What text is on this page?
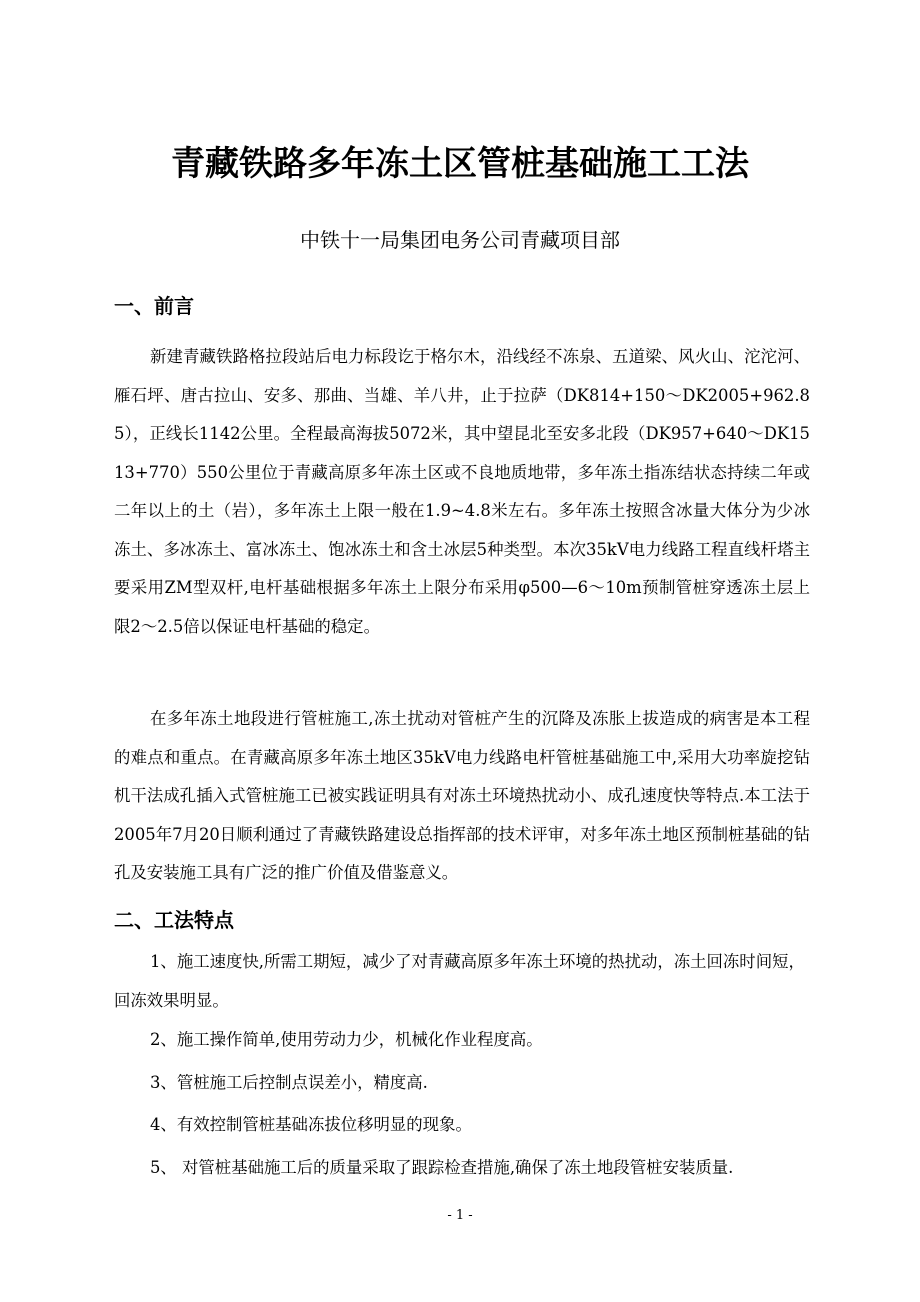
青藏铁路多年冻土区管桩基础施工工法
中铁十一局集团电务公司青藏项目部
一、前言
新建青藏铁路格拉段站后电力标段讫于格尔木，沿线经不冻泉、五道梁、风火山、沱沱河、雁石坪、唐古拉山、安多、那曲、当雄、羊八井，止于拉萨（DK814+150～DK2005+962.85），正线长1142公里。全程最高海拔5072米，其中望昆北至安多北段（DK957+640～DK1513+770）550公里位于青藏高原多年冻土区或不良地质地带，多年冻土指冻结状态持续二年或二年以上的土（岩），多年冻土上限一般在1.9~4.8米左右。多年冻土按照含冰量大体分为少冰冻土、多冰冻土、富冰冻土、饱冰冻土和含土冰层5种类型。本次35kV电力线路工程直线杆塔主要采用ZM型双杆,电杆基础根据多年冻土上限分布采用φ500—6～10m预制管桩穿透冻土层上限2～2.5倍以保证电杆基础的稳定。
在多年冻土地段进行管桩施工,冻土扰动对管桩产生的沉降及冻胀上拔造成的病害是本工程的难点和重点。在青藏高原多年冻土地区35kV电力线路电杆管桩基础施工中,采用大功率旋挖钻机干法成孔插入式管桩施工已被实践证明具有对冻土环境热扰动小、成孔速度快等特点.本工法于2005年7月20日顺利通过了青藏铁路建设总指挥部的技术评审，对多年冻土地区预制桩基础的钻孔及安装施工具有广泛的推广价值及借鉴意义。
二、工法特点
1、施工速度快,所需工期短，减少了对青藏高原多年冻土环境的热扰动，冻土回冻时间短，回冻效果明显。
2、施工操作简单,使用劳动力少，机械化作业程度高。
3、管桩施工后控制点误差小，精度高.
4、有效控制管桩基础冻拔位移明显的现象。
5、 对管桩基础施工后的质量采取了跟踪检查措施,确保了冻土地段管桩安装质量.
- 1 -
